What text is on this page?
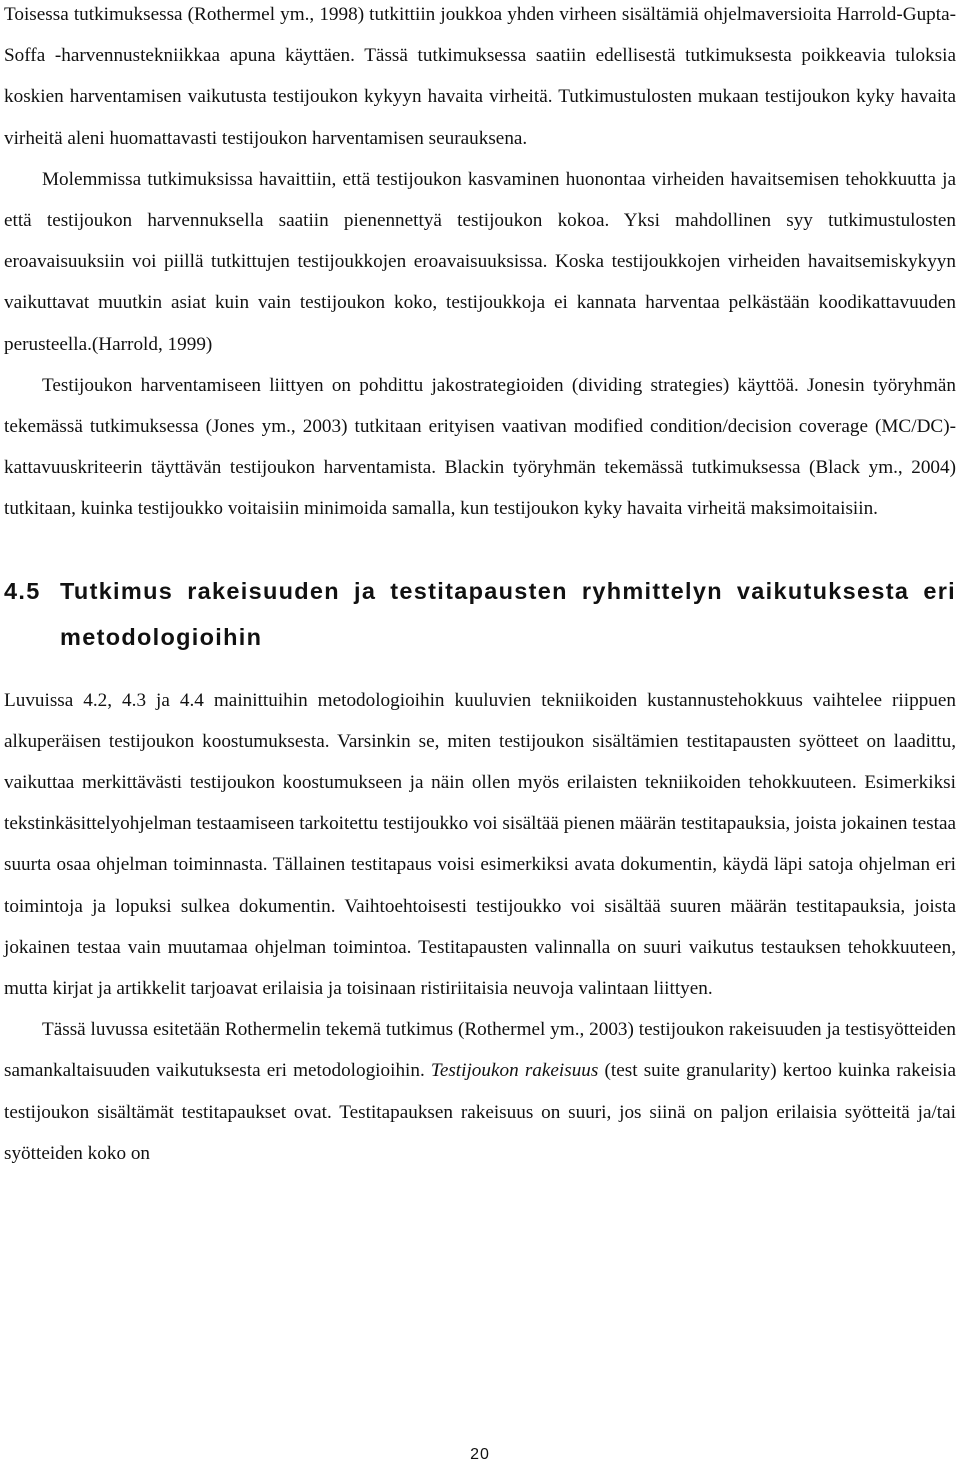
Toisessa tutkimuksessa (Rothermel ym., 1998) tutkittiin joukkoa yhden virheen sisältämiä ohjelmaversioita Harrold-Gupta-Soffa -harvennustekniikkaa apuna käyttäen. Tässä tutkimuksessa saatiin edellisestä tutkimuksesta poikkeavia tuloksia koskien harventamisen vaikutusta testijoukon kykyyn havaita virheitä. Tutkimustulosten mukaan testijoukon kyky havaita virheitä aleni huomattavasti testijoukon harventamisen seurauksena.

Molemmissa tutkimuksissa havaittiin, että testijoukon kasvaminen huonontaa virheiden havaitsemisen tehokkuutta ja että testijoukon harvennuksella saatiin pienennettyä testijoukon kokoa. Yksi mahdollinen syy tutkimustulosten eroavaisuuksiin voi piillä tutkittujen testijoukkojen eroavaisuuksissa. Koska testijoukkojen virheiden havaitsemiskykyyn vaikuttavat muutkin asiat kuin vain testijoukon koko, testijoukkoja ei kannata harventaa pelkästään koodikattavuuden perusteella.(Harrold, 1999)

Testijoukon harventamiseen liittyen on pohdittu jakostrategioiden (dividing strategies) käyttöä. Jonesin työryhmän tekemässä tutkimuksessa (Jones ym., 2003) tutkitaan erityisen vaativan modified condition/decision coverage (MC/DC)-kattavuuskriteerin täyttävän testijoukon harventamista. Blackin työryhmän tekemässä tutkimuksessa (Black ym., 2004) tutkitaan, kuinka testijoukko voitaisiin minimoida samalla, kun testijoukon kyky havaita virheitä maksimoitaisiin.

4.5 Tutkimus rakeisuuden ja testitapausten ryhmittelyn vaikutuksesta eri metodologioihin

Luvuissa 4.2, 4.3 ja 4.4 mainittuihin metodologioihin kuuluvien tekniikoiden kustannustehokkuus vaihtelee riippuen alkuperäisen testijoukon koostumuksesta. Varsinkin se, miten testijoukon sisältämien testitapausten syötteet on laadittu, vaikuttaa merkittävästi testijoukon koostumukseen ja näin ollen myös erilaisten tekniikoiden tehokkuuteen. Esimerkiksi tekstinkäsittelyohjelman testaamiseen tarkoitettu testijoukko voi sisältää pienen määrän testitapauksia, joista jokainen testaa suurta osaa ohjelman toiminnasta. Tällainen testitapaus voisi esimerkiksi avata dokumentin, käydä läpi satoja ohjelman eri toimintoja ja lopuksi sulkea dokumentin. Vaihtoehtoisesti testijoukko voi sisältää suuren määrän testitapauksia, joista jokainen testaa vain muutamaa ohjelman toimintoa. Testitapausten valinnalla on suuri vaikutus testauksen tehokkuuteen, mutta kirjat ja artikkelit tarjoavat erilaisia ja toisinaan ristiriitaisia neuvoja valintaan liittyen.

Tässä luvussa esitetään Rothermelin tekemä tutkimus (Rothermel ym., 2003) testijoukon rakeisuuden ja testisyötteiden samankaltaisuuden vaikutuksesta eri metodologioihin. Testijoukon rakeisuus (test suite granularity) kertoo kuinka rakeisia testijoukon sisältämät testitapaukset ovat. Testitapauksen rakeisuus on suuri, jos siinä on paljon erilaisia syötteitä ja/tai syötteiden koko on

20
